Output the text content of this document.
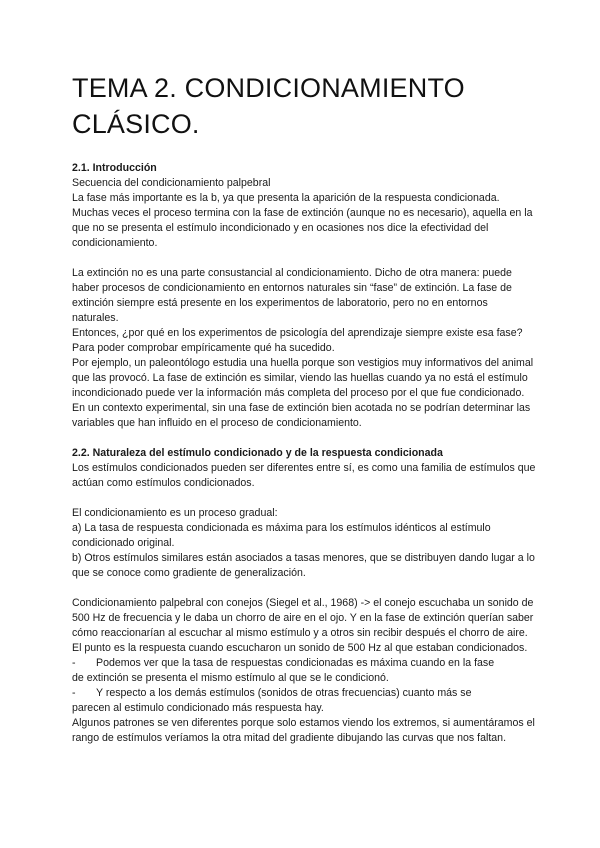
TEMA 2. CONDICIONAMIENTO
CLÁSICO.

2.1. Introducción

Secuencia del condicionamiento palpebral

La fase más importante es la b, ya que presenta la aparición de la respuesta condicionada. Muchas veces el proceso termina con la fase de extinción (aunque no es necesario), aquella en la que no se presenta el estímulo incondicionado y en ocasiones nos dice la efectividad del condicionamiento.

La extinción no es una parte consustancial al condicionamiento. Dicho de otra manera: puede haber procesos de condicionamiento en entornos naturales sin “fase” de extinción. La fase de extinción siempre está presente en los experimentos de laboratorio, pero no en entornos naturales.

Entonces, ¿por qué en los experimentos de psicología del aprendizaje siempre existe esa fase? Para poder comprobar empíricamente qué ha sucedido.

Por ejemplo, un paleontólogo estudia una huella porque son vestigios muy informativos del animal que las provocó. La fase de extinción es similar, viendo las huellas cuando ya no está el estímulo incondicionado puede ver la información más completa del proceso por el que fue condicionado. En un contexto experimental, sin una fase de extinción bien acotada no se podrían determinar las variables que han influido en el proceso de condicionamiento.

2.2. Naturaleza del estímulo condicionado y de la respuesta condicionada

Los estímulos condicionados pueden ser diferentes entre sí, es como una familia de estímulos que actúan como estímulos condicionados.

El condicionamiento es un proceso gradual:

a) La tasa de respuesta condicionada es máxima para los estímulos idénticos al estímulo condicionado original.

b) Otros estímulos similares están asociados a tasas menores, que se distribuyen dando lugar a lo que se conoce como gradiente de generalización.

Condicionamiento palpebral con conejos (Siegel et al., 1968) -> el conejo escuchaba un sonido de 500 Hz de frecuencia y le daba un chorro de aire en el ojo. Y en la fase de extinción querían saber cómo reaccionarían al escuchar al mismo estímulo y a otros sin recibir después el chorro de aire. El punto es la respuesta cuando escucharon un sonido de 500 Hz al que estaban condicionados.

-	Podemos ver que la tasa de respuestas condicionadas es máxima cuando en la fase

de extinción se presenta el mismo estímulo al que se le condicionó.

-	Y respecto a los demás estímulos (sonidos de otras frecuencias) cuanto más se

parecen al estimulo condicionado más respuesta hay.

Algunos patrones se ven diferentes porque solo estamos viendo los extremos, si aumentáramos el rango de estímulos veríamos la otra mitad del gradiente dibujando las curvas que nos faltan.
